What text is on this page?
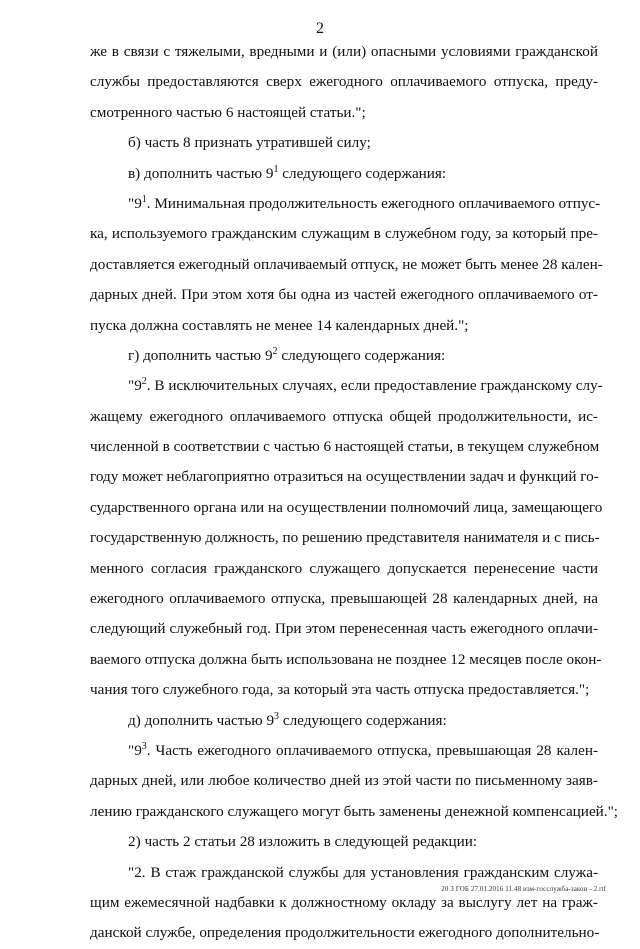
2
же в связи с тяжелыми, вредными и (или) опасными условиями гражданской
службы предоставляются сверх ежегодного оплачиваемого отпуска, преду-
смотренного частью 6 настоящей статьи.";
б) часть 8 признать утратившей силу;
в) дополнить частью $9^1$ следующего содержания:
"$9^1$. Минимальная продолжительность ежегодного оплачиваемого отпус-
ка, используемого гражданским служащим в служебном году, за который пре-
доставляется ежегодный оплачиваемый отпуск, не может быть менее 28 кален-
дарных дней. При этом хотя бы одна из частей ежегодного оплачиваемого от-
пуска должна составлять не менее 14 календарных дней.";
г) дополнить частью $9^2$ следующего содержания:
"$9^2$. В исключительных случаях, если предоставление гражданскому слу-
жащему ежегодного оплачиваемого отпуска общей продолжительности, ис-
численной в соответствии с частью 6 настоящей статьи, в текущем служебном
году может неблагоприятно отразиться на осуществлении задач и функций го-
сударственного органа или на осуществлении полномочий лица, замещающего
государственную должность, по решению представителя нанимателя и с пись-
менного согласия гражданского служащего допускается перенесение части
ежегодного оплачиваемого отпуска, превышающей 28 календарных дней, на
следующий служебный год. При этом перенесенная часть ежегодного оплачи-
ваемого отпуска должна быть использована не позднее 12 месяцев после окон-
чания того служебного года, за который эта часть отпуска предоставляется.";
д) дополнить частью $9^3$ следующего содержания:
"$9^3$. Часть ежегодного оплачиваемого отпуска, превышающая 28 кален-
дарных дней, или любое количество дней из этой части по письменному заяв-
лению гражданского служащего могут быть заменены денежной компенсацией.";
2) часть 2 статьи 28 изложить в следующей редакции:
"2. В стаж гражданской службы для установления гражданским служа-
щим ежемесячной надбавки к должностному окладу за выслугу лет на граж-
данской службе, определения продолжительности ежегодного дополнительно-
20 3 ГОБ 27.01.2016 11.48 изм-госслужба-закон - 2.rtf
